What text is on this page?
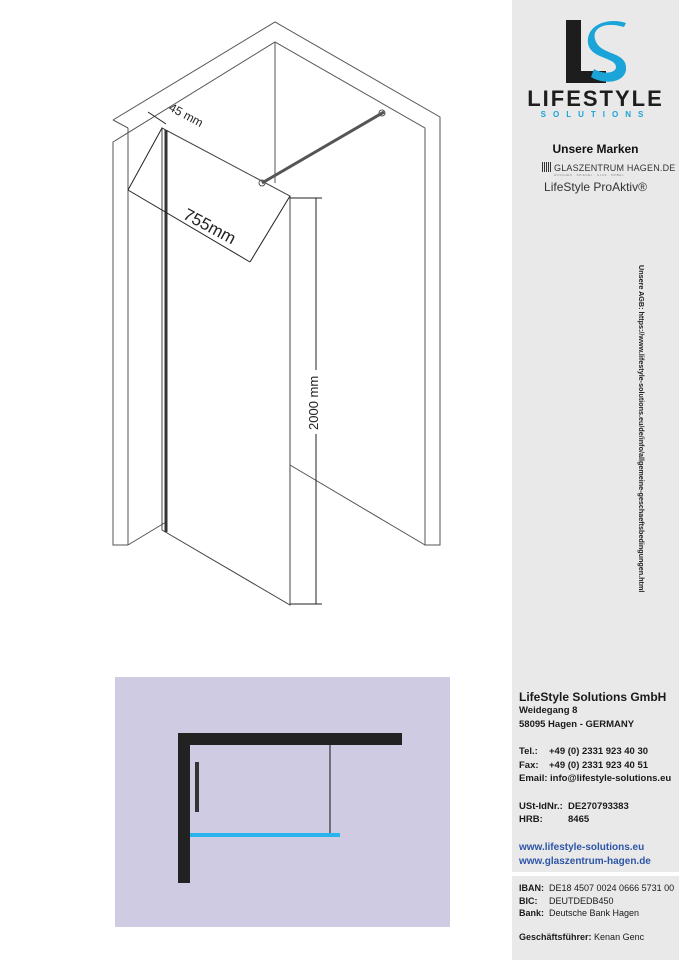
45 mm
755mm
2000 mm
LIFESTYLE
SOLUTIONS
Unsere Marken
GLASZENTRUM HAGEN.DE
DUSCHEN · SPIEGEL · GLAS · MÖBEL
LifeStyle ProAktiv®
Unsere AGB: https://www.lifestyle-solutions.eu/de/info/allgemeine-geschaeftsbedingungen.html
LifeStyle Solutions GmbH
Weidegang 8
58095 Hagen - GERMANY
Tel.: +49 (0) 2331 923 40 30
Fax: +49 (0) 2331 923 40 51
Email: info@lifestyle-solutions.eu
USt-IdNr.: DE270793383
HRB:	8465
www.lifestyle-solutions.eu
www.glaszentrum-hagen.de
IBAN: DE18 4507 0024 0666 5731 00
BIC: DEUTDEDB450
Bank: Deutsche Bank Hagen
Geschäftsführer: Kenan Genc
